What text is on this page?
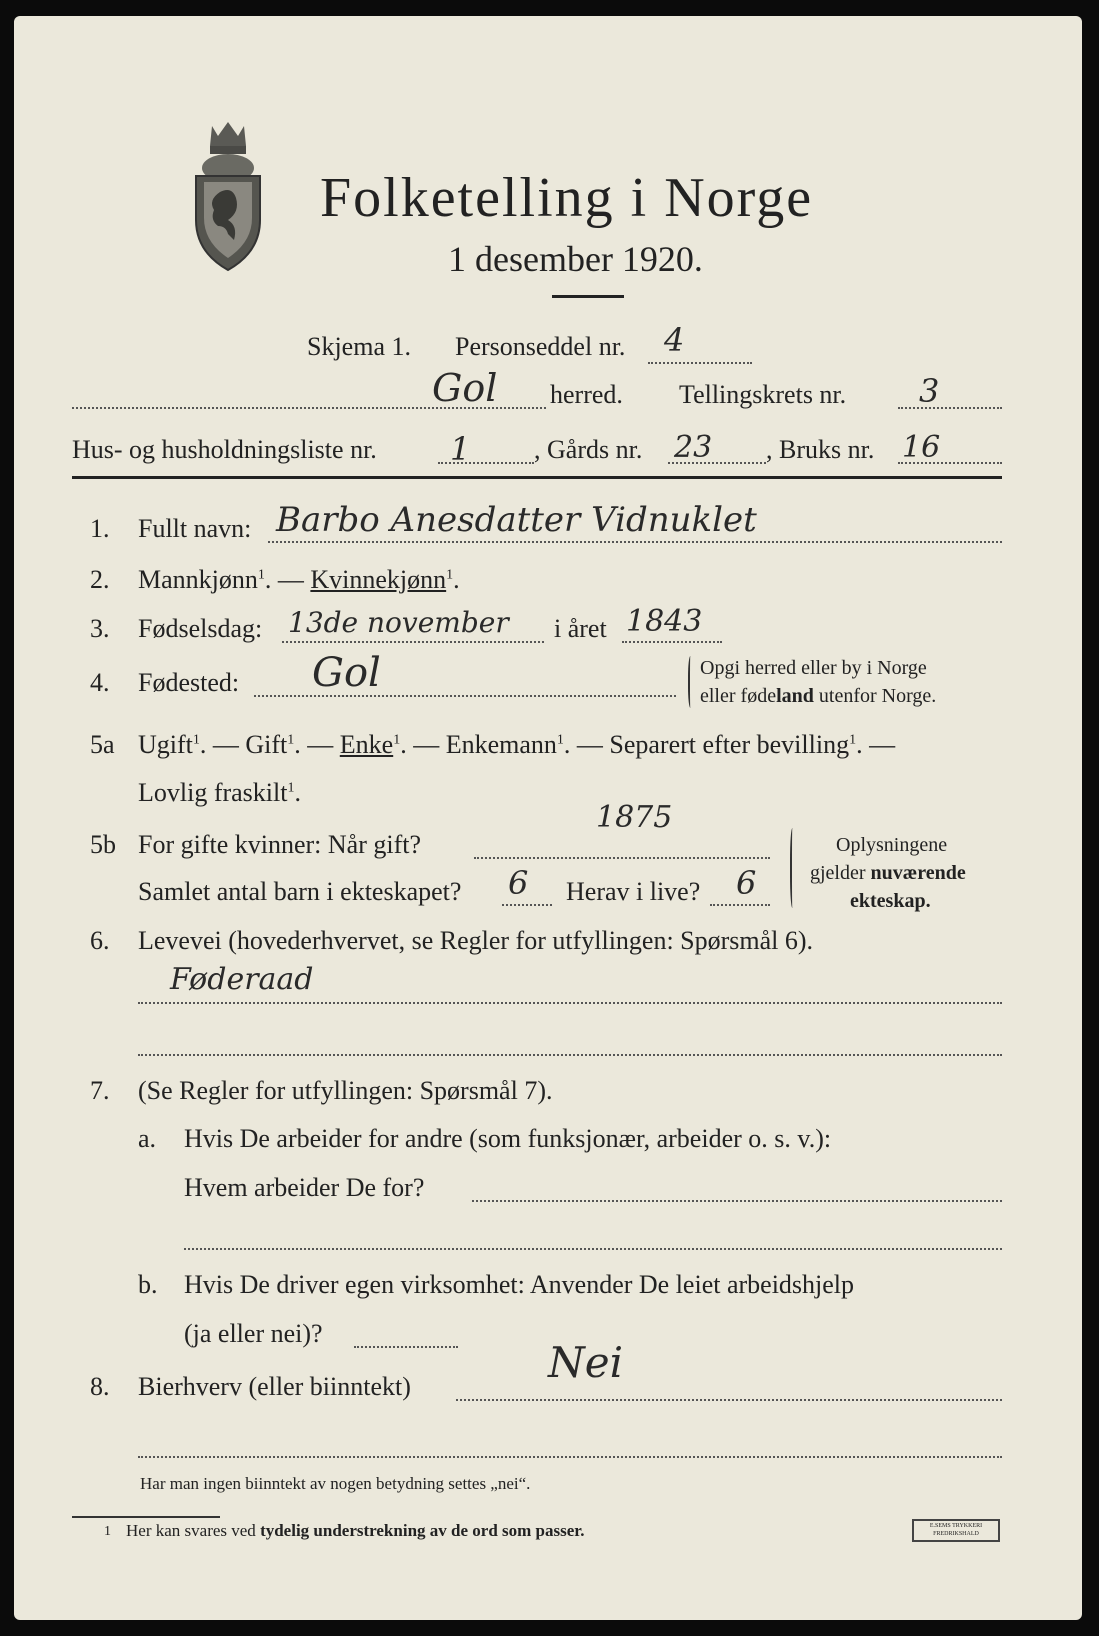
Folketelling i Norge
1 desember 1920.
Skjema 1. Personseddel nr. 4
Gol herred. Tellingskrets nr. 3
Hus- og husholdningsliste nr. 1 , Gårds nr. 23 , Bruks nr. 16
1. Fullt navn: Barbo Anesdatter Vidnuklet
2. Mannkjønn$^1$. — Kvinnekjønn$^1$.
3. Fødselsdag: 13de november i året 1843
4. Fødested: Gol	Opgi herred eller by i Norge
eller fødeland utenfor Norge.
5a Ugift$^1$. — Gift$^1$. — Enke$^1$. — Enkemann$^1$. — Separert efter bevilling$^1$. —
Lovlig fraskilt$^1$.
5b For gifte kvinner: Når gift?
1875
Samlet antal barn i ekteskapet? 6 Herav i live? 6
Oplysningene
gjelder nuværende
ekteskap.
6. Levevei (hovederhvervet, se Regler for utfyllingen: Spørsmål 6).
Føderaad
7. (Se Regler for utfyllingen: Spørsmål 7).
a. Hvis De arbeider for andre (som funksjonær, arbeider o. s. v.):
Hvem arbeider De for?
b. Hvis De driver egen virksomhet: Anvender De leiet arbeidshjelp
(ja eller nei)?
8. Bierhverv (eller biinntekt)	Nei
Har man ingen biinntekt av nogen betydning settes „nei“.
1 Her kan svares ved tydelig understrekning av de ord som passer.	E.SEMS TRYKKERI
FREDRIKSHALD
